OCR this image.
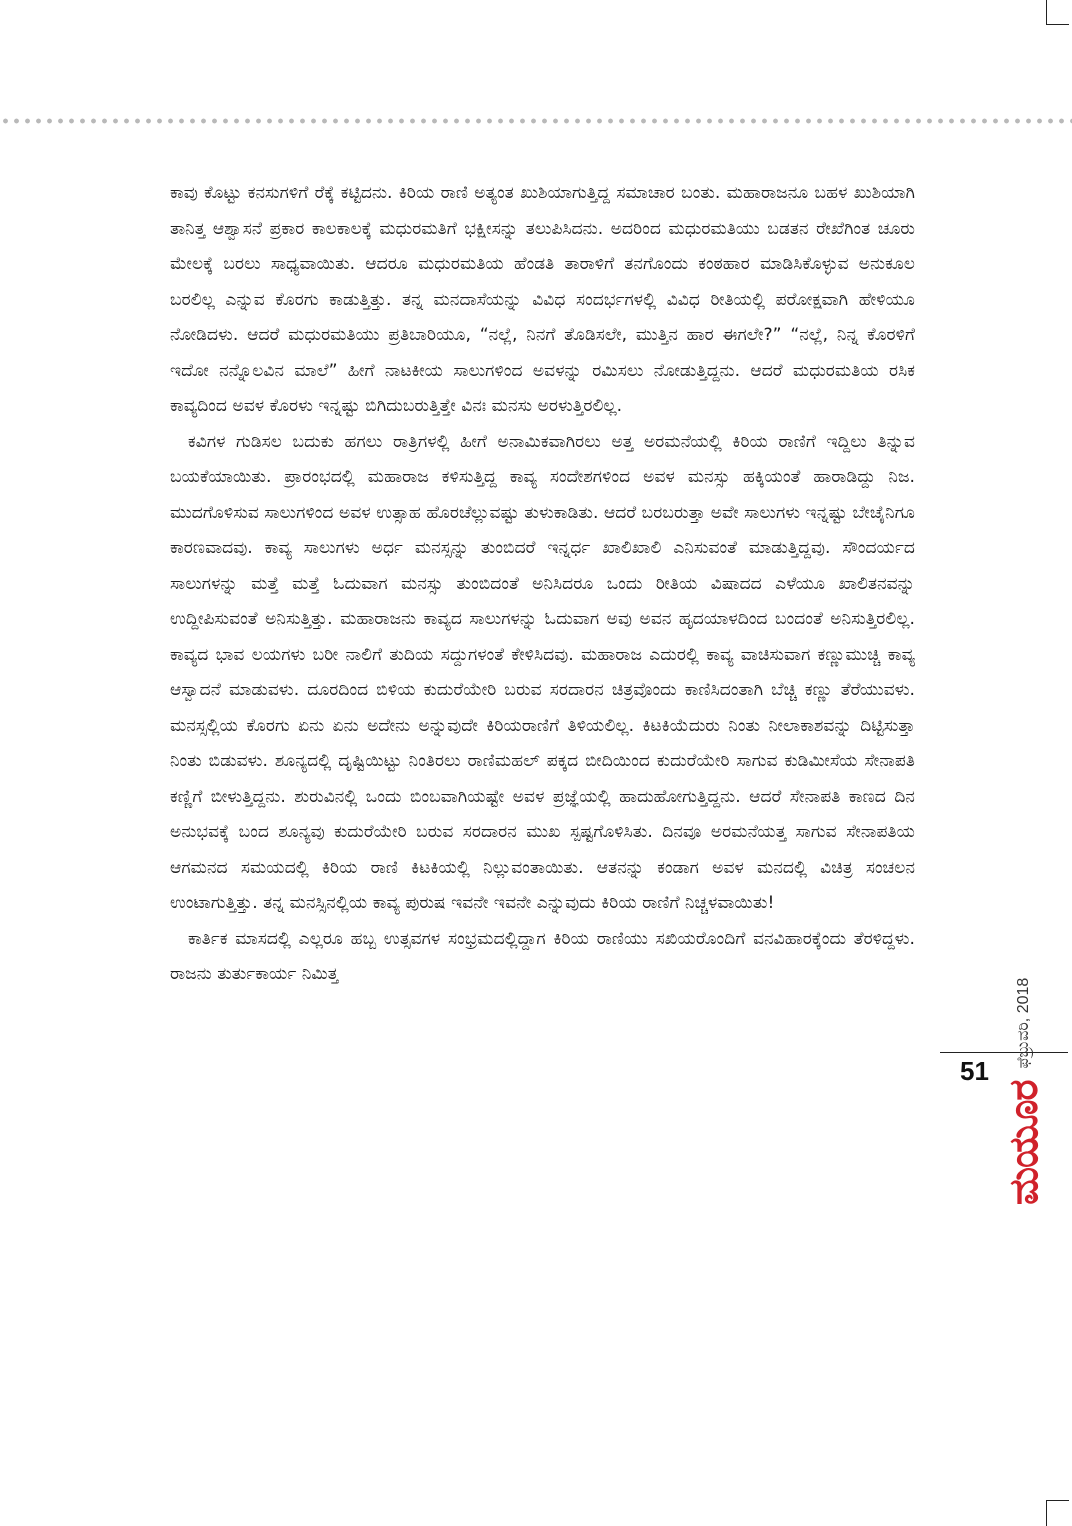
ಕಾವು ಕೊಟ್ಟು ಕನಸುಗಳಿಗೆ ರೆಕ್ಕೆ ಕಟ್ಟಿದನು. ಕಿರಿಯ ರಾಣಿ ಅತ್ಯಂತ ಖುಶಿಯಾಗುತ್ತಿದ್ದ ಸಮಾಚಾರ ಬಂತು. ಮಹಾರಾಜನೂ ಬಹಳ ಖುಶಿಯಾಗಿ ತಾನಿತ್ತ ಆಶ್ವಾಸನೆ ಪ್ರಕಾರ ಕಾಲಕಾಲಕ್ಕೆ ಮಧುರಮತಿಗೆ ಭಕ್ಷೀಸನ್ನು ತಲುಪಿಸಿದನು. ಅದರಿಂದ ಮಧುರಮತಿಯು ಬಡತನ ರೇಖೆಗಿಂತ ಚೂರು ಮೇಲಕ್ಕೆ ಬರಲು ಸಾಧ್ಯವಾಯಿತು. ಆದರೂ ಮಧುರಮತಿಯ ಹೆಂಡತಿ ತಾರಾಳಿಗೆ ತನಗೊಂದು ಕಂಠಹಾರ ಮಾಡಿಸಿಕೊಳ್ಳುವ ಅನುಕೂಲ ಬರಲಿಲ್ಲ ಎನ್ನುವ ಕೊರಗು ಕಾಡುತ್ತಿತ್ತು. ತನ್ನ ಮನದಾಸೆಯನ್ನು ವಿವಿಧ ಸಂದರ್ಭಗಳಲ್ಲಿ ವಿವಿಧ ರೀತಿಯಲ್ಲಿ ಪರೋಕ್ಷವಾಗಿ ಹೇಳಿಯೂ ನೋಡಿದಳು. ಆದರೆ ಮಧುರಮತಿಯು ಪ್ರತಿಬಾರಿಯೂ, “ನಲ್ಲೆ, ನಿನಗೆ ತೊಡಿಸಲೇ, ಮುತ್ತಿನ ಹಾರ ಈಗಲೇ?” “ನಲ್ಲೆ, ನಿನ್ನ ಕೊರಳಿಗೆ ಇದೋ ನನ್ನೊಲವಿನ ಮಾಲೆ” ಹೀಗೆ ನಾಟಕೀಯ ಸಾಲುಗಳಿಂದ ಅವಳನ್ನು ರಮಿಸಲು ನೋಡುತ್ತಿದ್ದನು. ಆದರೆ ಮಧುರಮತಿಯ ರಸಿಕ ಕಾವ್ಯದಿಂದ ಅವಳ ಕೊರಳು ಇನ್ನಷ್ಟು ಬಿಗಿದುಬರುತ್ತಿತ್ತೇ ವಿನಃ ಮನಸು ಅರಳುತ್ತಿರಲಿಲ್ಲ.

ಕವಿಗಳ ಗುಡಿಸಲ ಬದುಕು ಹಗಲು ರಾತ್ರಿಗಳಲ್ಲಿ ಹೀಗೆ ಅನಾಮಿಕವಾಗಿರಲು ಅತ್ತ ಅರಮನೆಯಲ್ಲಿ ಕಿರಿಯ ರಾಣಿಗೆ ಇದ್ದಿಲು ತಿನ್ನುವ ಬಯಕೆಯಾಯಿತು. ಪ್ರಾರಂಭದಲ್ಲಿ ಮಹಾರಾಜ ಕಳಿಸುತ್ತಿದ್ದ ಕಾವ್ಯ ಸಂದೇಶಗಳಿಂದ ಅವಳ ಮನಸ್ಸು ಹಕ್ಕಿಯಂತೆ ಹಾರಾಡಿದ್ದು ನಿಜ. ಮುದಗೊಳಿಸುವ ಸಾಲುಗಳಿಂದ ಅವಳ ಉತ್ಸಾಹ ಹೊರಚೆಲ್ಲುವಷ್ಟು ತುಳುಕಾಡಿತು. ಆದರೆ ಬರಬರುತ್ತಾ ಅವೇ ಸಾಲುಗಳು ಇನ್ನಷ್ಟು ಬೇಚೈನಿಗೂ ಕಾರಣವಾದವು. ಕಾವ್ಯ ಸಾಲುಗಳು ಅರ್ಧ ಮನಸ್ಸನ್ನು ತುಂಬಿದರೆ ಇನ್ನರ್ಧ ಖಾಲಿಖಾಲಿ ಎನಿಸುವಂತೆ ಮಾಡುತ್ತಿದ್ದವು. ಸೌಂದರ್ಯದ ಸಾಲುಗಳನ್ನು ಮತ್ತೆ ಮತ್ತೆ ಓದುವಾಗ ಮನಸ್ಸು ತುಂಬಿದಂತೆ ಅನಿಸಿದರೂ ಒಂದು ರೀತಿಯ ವಿಷಾದದ ಎಳೆಯೂ ಖಾಲಿತನವನ್ನು ಉದ್ದೀಪಿಸುವಂತೆ ಅನಿಸುತ್ತಿತ್ತು. ಮಹಾರಾಜನು ಕಾವ್ಯದ ಸಾಲುಗಳನ್ನು ಓದುವಾಗ ಅವು ಅವನ ಹೃದಯಾಳದಿಂದ ಬಂದಂತೆ ಅನಿಸುತ್ತಿರಲಿಲ್ಲ. ಕಾವ್ಯದ ಭಾವ ಲಯಗಳು ಬರೀ ನಾಲಿಗೆ ತುದಿಯ ಸದ್ದುಗಳಂತೆ ಕೇಳಿಸಿದವು. ಮಹಾರಾಜ ಎದುರಲ್ಲಿ ಕಾವ್ಯ ವಾಚಿಸುವಾಗ ಕಣ್ಣುಮುಚ್ಚಿ ಕಾವ್ಯ ಆಸ್ವಾದನೆ ಮಾಡುವಳು. ದೂರದಿಂದ ಬಿಳಿಯ ಕುದುರೆಯೇರಿ ಬರುವ ಸರದಾರನ ಚಿತ್ರವೊಂದು ಕಾಣಿಸಿದಂತಾಗಿ ಬೆಚ್ಚಿ ಕಣ್ಣು ತೆರೆಯುವಳು. ಮನಸ್ಸಲ್ಲಿಯ ಕೊರಗು ಏನು ಏನು ಅದೇನು ಅನ್ನುವುದೇ ಕಿರಿಯರಾಣಿಗೆ ತಿಳಿಯಲಿಲ್ಲ. ಕಿಟಕಿಯೆದುರು ನಿಂತು ನೀಲಾಕಾಶವನ್ನು ದಿಟ್ಟಿಸುತ್ತಾ ನಿಂತು ಬಿಡುವಳು. ಶೂನ್ಯದಲ್ಲಿ ದೃಷ್ಟಿಯಿಟ್ಟು ನಿಂತಿರಲು ರಾಣಿಮಹಲ್ ಪಕ್ಕದ ಬೀದಿಯಿಂದ ಕುದುರೆಯೇರಿ ಸಾಗುವ ಕುಡಿಮೀಸೆಯ ಸೇನಾಪತಿ ಕಣ್ಣಿಗೆ ಬೀಳುತ್ತಿದ್ದನು. ಶುರುವಿನಲ್ಲಿ ಒಂದು ಬಿಂಬವಾಗಿಯಷ್ಟೇ ಅವಳ ಪ್ರಜ್ಞೆಯಲ್ಲಿ ಹಾದುಹೋಗುತ್ತಿದ್ದನು. ಆದರೆ ಸೇನಾಪತಿ ಕಾಣದ ದಿನ ಅನುಭವಕ್ಕೆ ಬಂದ ಶೂನ್ಯವು ಕುದುರೆಯೇರಿ ಬರುವ ಸರದಾರನ ಮುಖ ಸ್ಪಷ್ಟಗೊಳಿಸಿತು. ದಿನವೂ ಅರಮನೆಯತ್ತ ಸಾಗುವ ಸೇನಾಪತಿಯ ಆಗಮನದ ಸಮಯದಲ್ಲಿ ಕಿರಿಯ ರಾಣಿ ಕಿಟಕಿಯಲ್ಲಿ ನಿಲ್ಲುವಂತಾಯಿತು. ಆತನನ್ನು ಕಂಡಾಗ ಅವಳ ಮನದಲ್ಲಿ ವಿಚಿತ್ರ ಸಂಚಲನ ಉಂಟಾಗುತ್ತಿತ್ತು. ತನ್ನ ಮನಸ್ಸಿನಲ್ಲಿಯ ಕಾವ್ಯ ಪುರುಷ ಇವನೇ ಇವನೇ ಎನ್ನುವುದು ಕಿರಿಯ ರಾಣಿಗೆ ನಿಚ್ಚಳವಾಯಿತು!

ಕಾರ್ತಿಕ ಮಾಸದಲ್ಲಿ ಎಲ್ಲರೂ ಹಬ್ಬ ಉತ್ಸವಗಳ ಸಂಭ್ರಮದಲ್ಲಿದ್ದಾಗ ಕಿರಿಯ ರಾಣಿಯು ಸಖಿಯರೊಂದಿಗೆ ವನವಿಹಾರಕ್ಕೆಂದು ತೆರಳಿದ್ದಳು. ರಾಜನು ತುರ್ತುಕಾರ್ಯ ನಿಮಿತ್ತ

ಮಯೂರ
ಫೆಬ್ರುವರಿ, 2018
51
